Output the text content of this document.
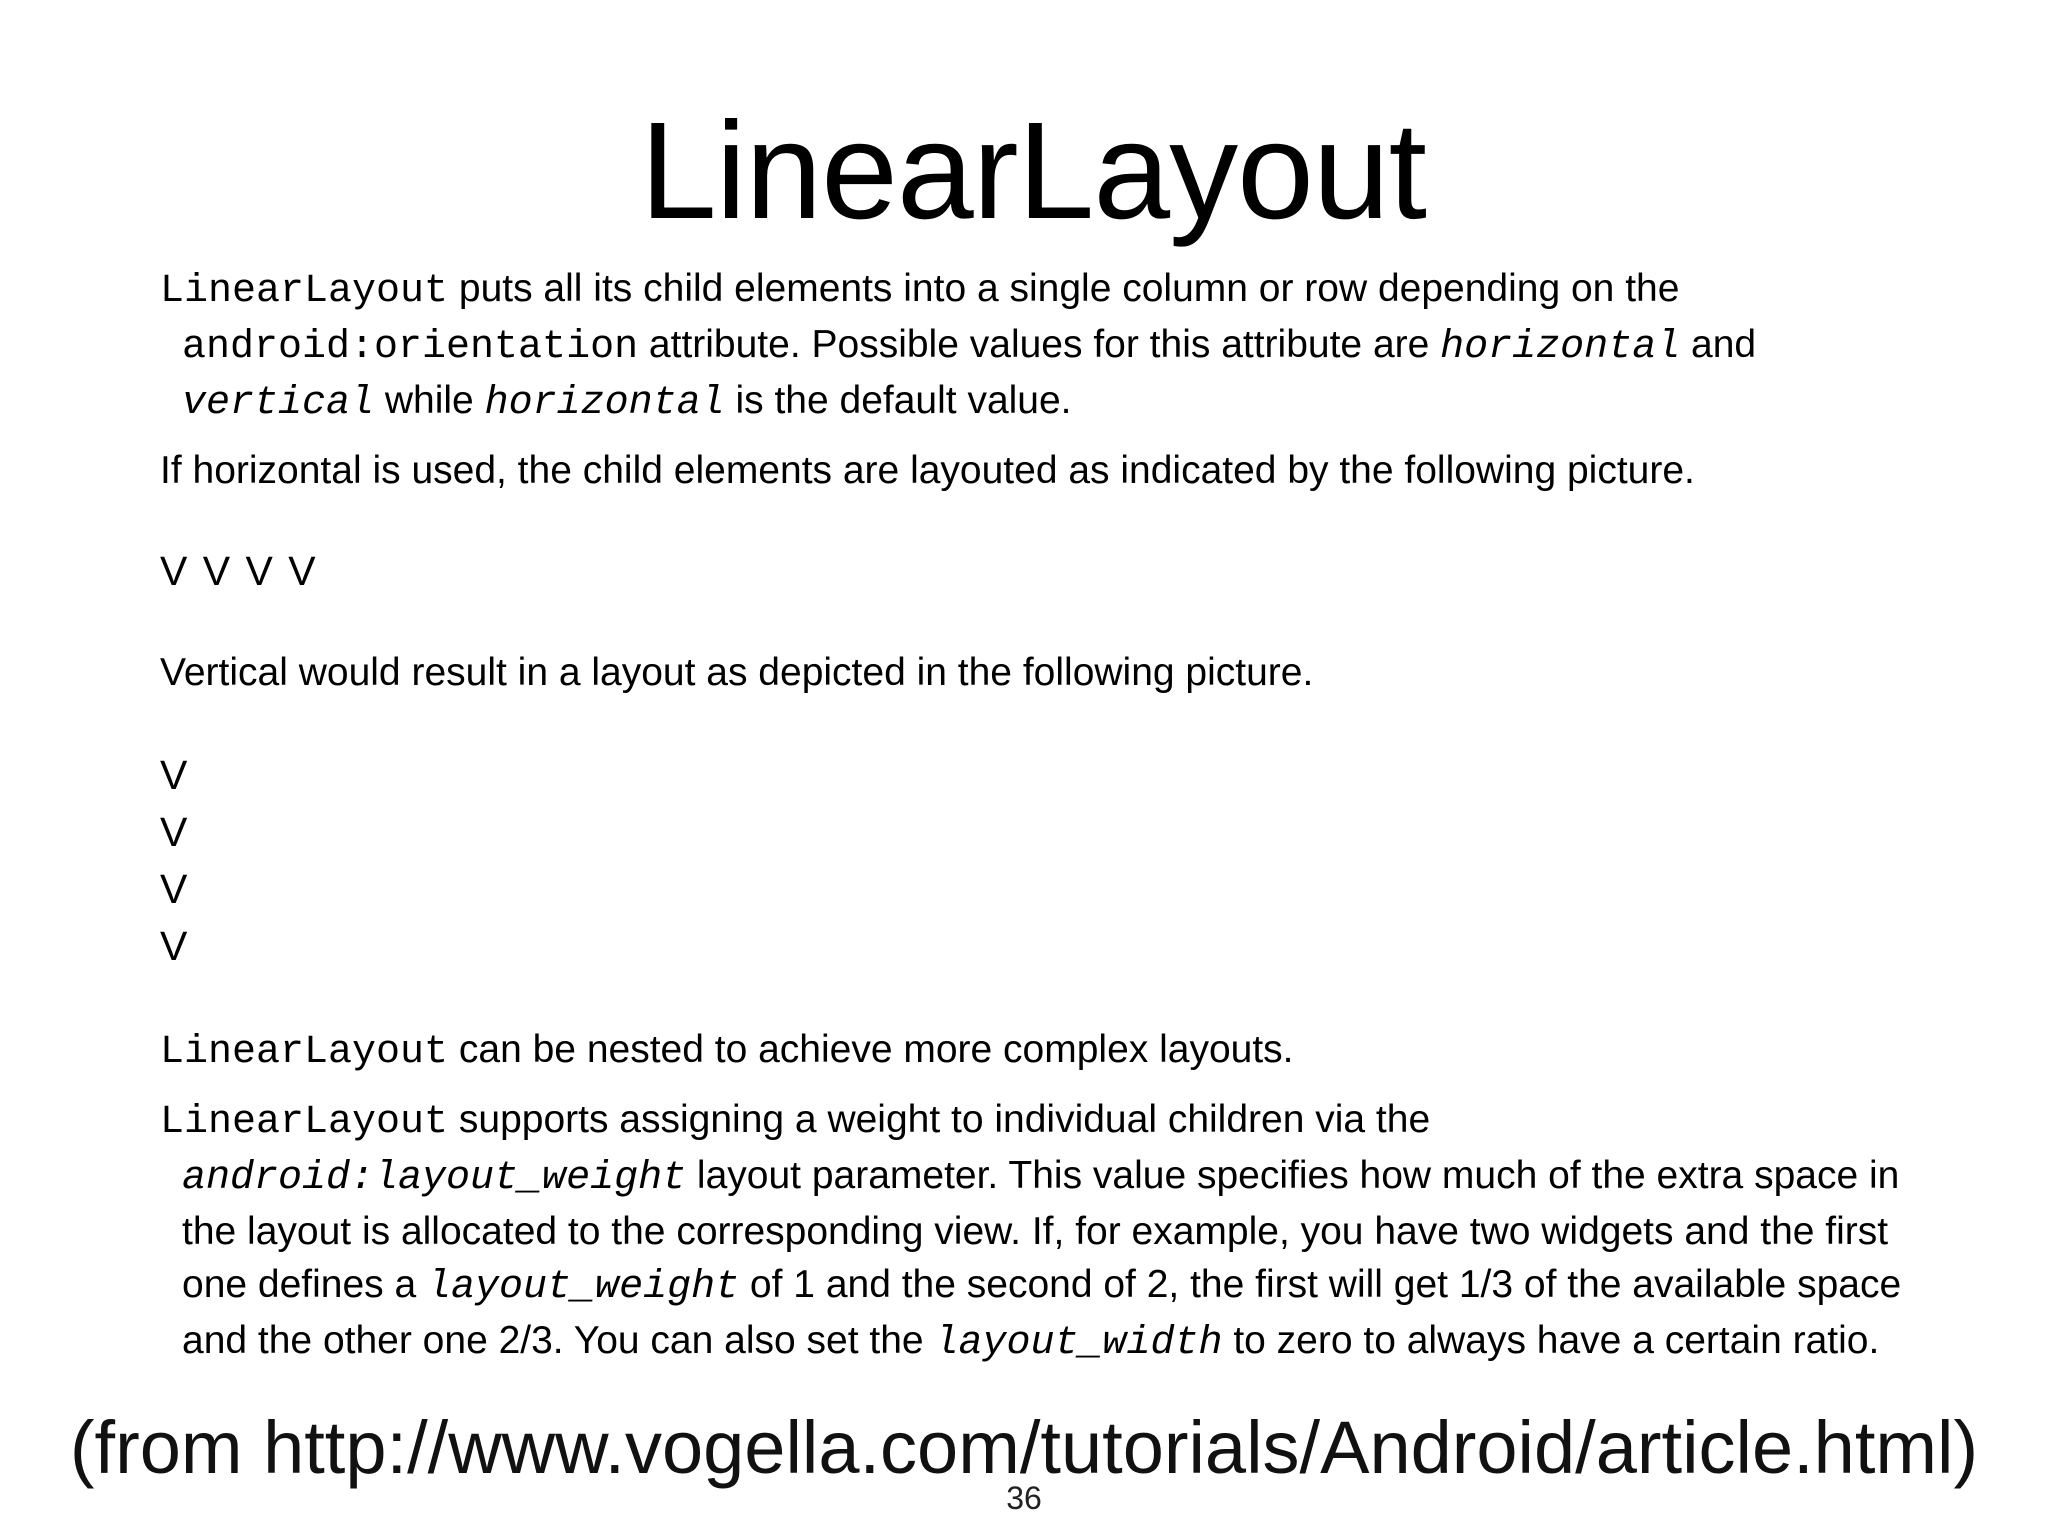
LinearLayout

LinearLayout puts all its child elements into a single column or row depending on the android:orientation attribute. Possible values for this attribute are horizontal and vertical while horizontal is the default value.

If horizontal is used, the child elements are layouted as indicated by the following picture.

V V V V

Vertical would result in a layout as depicted in the following picture.

V

V

V

V

LinearLayout can be nested to achieve more complex layouts.

LinearLayout supports assigning a weight to individual children via the android:layout_weight layout parameter. This value specifies how much of the extra space in the layout is allocated to the corresponding view. If, for example, you have two widgets and the first one defines a layout_weight of 1 and the second of 2, the first will get 1/3 of the available space and the other one 2/3. You can also set the layout_width to zero to always have a certain ratio.

(from http://www.vogella.com/tutorials/Android/article.html)
36
